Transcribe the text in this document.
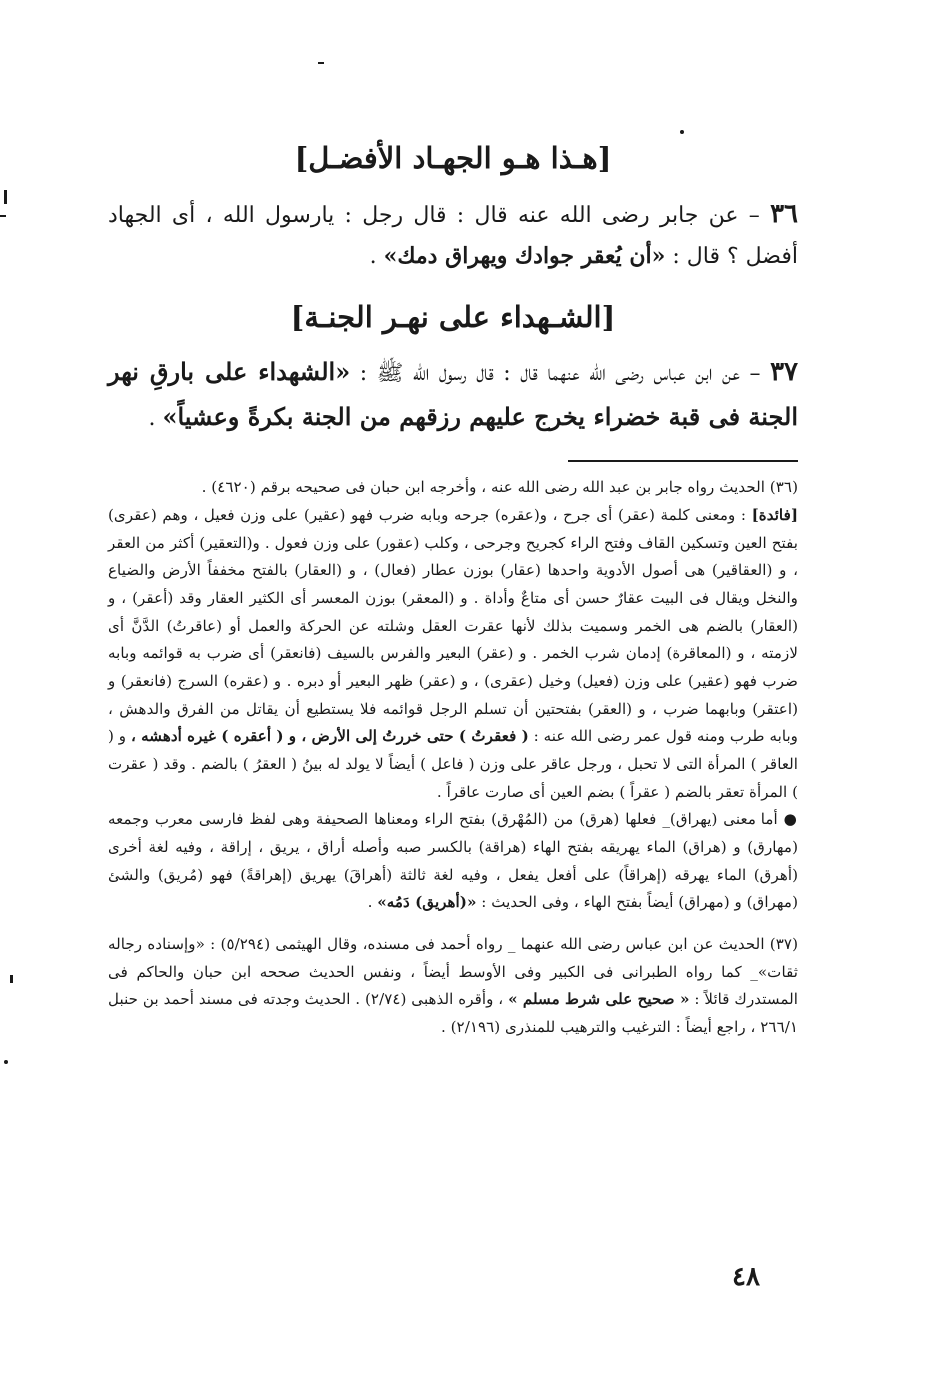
[هـذا هـو الجهـاد الأفضـل]

٣٦ – عن جابر رضى الله عنه قال : قال رجل : يارسول الله ، أى الجهاد أفضل ؟ قال : «أن يُعقر جوادك ويهراق دمك» .

[الشـهداء على نهـر الجنـة]

٣٧ – عن ابن عباس رضى الله عنهما قال : قال رسول الله ﷺ : «الشهداء على بارقِ نهر الجنة فى قبة خضراء يخرج عليهم رزقهم من الجنة بكرةً وعشياً» .

(٣٦) الحديث رواه جابر بن عبد الله رضى الله عنه ، وأخرجه ابن حبان فى صحيحه برقم (٤٦٢٠) .

[فائدة] : ومعنى كلمة (عقر) أى جرح ، و(عقره) جرحه وبابه ضرب فهو (عقير) على وزن فعيل ، وهم (عقرى) بفتح العين وتسكين القاف وفتح الراء كجريح وجرحى ، وكلب (عقور) على وزن فعول . و(التعقير) أكثر من العقر ، و (العقاقير) هى أصول الأدوية واحدها (عقار) بوزن عطار (فعال) ، و (العقار) بالفتح مخففاً الأرض والضياع والنخل ويقال فى البيت عقارٌ حسن أى متاعٌ وأداة . و (المعقر) بوزن المعسر أى الكثير العقار وقد (أعقر) ، و (العقار) بالضم هى الخمر وسميت بذلك لأنها عقرت العقل وشلته عن الحركة والعمل أو (عاقرتُ) الدَّنَّ أى لازمته ، و (المعاقرة) إدمان شرب الخمر . و (عقر) البعير والفرس بالسيف (فانعقر) أى ضرب به قوائمه وبابه ضرب فهو (عقير) على وزن (فعيل) وخيل (عقرى) ، و (عقر) ظهر البعير أو دبره . و (عقره) السرج (فانعقر) و (اعتقر) وبابهما ضرب ، و (العقر) بفتحتين أن تسلم الرجل قوائمه فلا يستطيع أن يقاتل من الفرق والدهش ، وبابه طرب ومنه قول عمر رضى الله عنه : ( فعقرتُ ) حتى خررتُ إلى الأرض ، و ( أعقره ) غيره أدهشه ، و ( العاقر ) المرأة التى لا تحبل ، ورجل عاقر على وزن ( فاعل ) أيضاً لا يولد له بينُ ( العقرُ ) بالضم . وقد ( عقرت ) المرأة تعقر بالضم ( عقراً ) بضم العين أى صارت عاقراً .

● أما معنى (يهراق)_ فعلها (هرق) من (المُهْرق) بفتح الراء ومعناها الصحيفة وهى لفظ فارسى معرب وجمعه (مهارق) و (هراق) الماء يهريقه بفتح الهاء (هراقة) بالكسر صبه وأصله أراق ، يريق ، إراقة ، وفيه لغة أخرى (أهرق) الماء يهرقه (إهراقاً) على أفعل يفعل ، وفيه لغة ثالثة (أهراقَ) يهريق (إهراقةً) فهو (مُريق) والشئ (مهراق) و (مهراق) أيضاً بفتح الهاء ، وفى الحديث : «(أهريق) دَمُه» .

(٣٧) الحديث عن ابن عباس رضى الله عنهما _ رواه أحمد فى مسنده، وقال الهيثمى (٥/٢٩٤) : «وإسناده رجاله ثقات»_ كما رواه الطبرانى فى الكبير وفى الأوسط أيضاً ، ونفس الحديث صححه ابن حبان والحاكم فى المستدرك قائلاً : « صحيح على شرط مسلم » ، وأقره الذهبى (٢/٧٤) . الحديث وجدته فى مسند أحمد بن حنبل ٢٦٦/١ ، راجع أيضاً : الترغيب والترهيب للمنذرى (٢/١٩٦) .

٤٨
